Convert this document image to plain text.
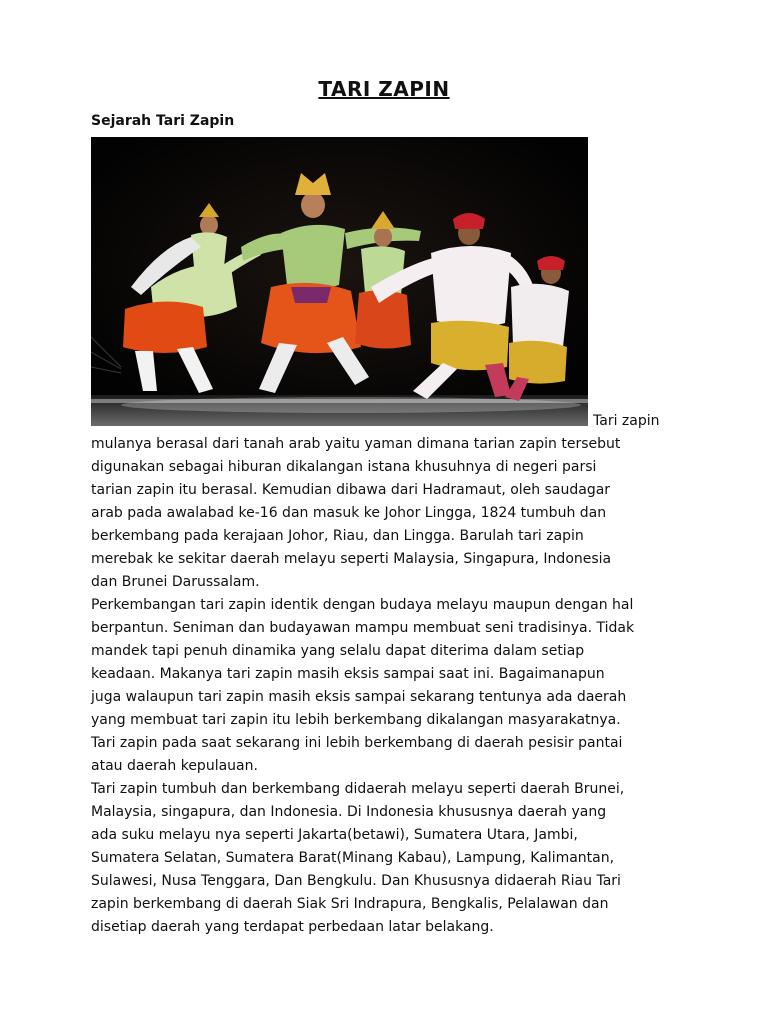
TARI ZAPIN
Sejarah Tari Zapin
Tari zapin
mulanya berasal dari tanah arab yaitu yaman dimana tarian zapin tersebut
digunakan sebagai hiburan dikalangan istana khusuhnya di negeri parsi
tarian zapin itu berasal. Kemudian dibawa dari Hadramaut, oleh saudagar
arab pada awalabad ke-16 dan masuk ke Johor Lingga, 1824 tumbuh dan
berkembang pada kerajaan Johor, Riau, dan Lingga. Barulah tari zapin
merebak ke sekitar daerah melayu seperti Malaysia, Singapura, Indonesia
dan Brunei Darussalam.
Perkembangan tari zapin identik dengan budaya melayu maupun dengan hal
berpantun. Seniman dan budayawan mampu membuat seni tradisinya. Tidak
mandek tapi penuh dinamika yang selalu dapat diterima dalam setiap
keadaan. Makanya tari zapin masih eksis sampai saat ini. Bagaimanapun
juga walaupun tari zapin masih eksis sampai sekarang tentunya ada daerah
yang membuat tari zapin itu lebih berkembang dikalangan masyarakatnya.
Tari zapin pada saat sekarang ini lebih berkembang di daerah pesisir pantai
atau daerah kepulauan.
Tari zapin tumbuh dan berkembang didaerah melayu seperti daerah Brunei,
Malaysia, singapura, dan Indonesia. Di Indonesia khususnya daerah yang
ada suku melayu nya seperti Jakarta(betawi), Sumatera Utara, Jambi,
Sumatera Selatan, Sumatera Barat(Minang Kabau), Lampung, Kalimantan,
Sulawesi, Nusa Tenggara, Dan Bengkulu. Dan Khususnya didaerah Riau Tari
zapin berkembang di daerah Siak Sri Indrapura, Bengkalis, Pelalawan dan
disetiap daerah yang terdapat perbedaan latar belakang.
